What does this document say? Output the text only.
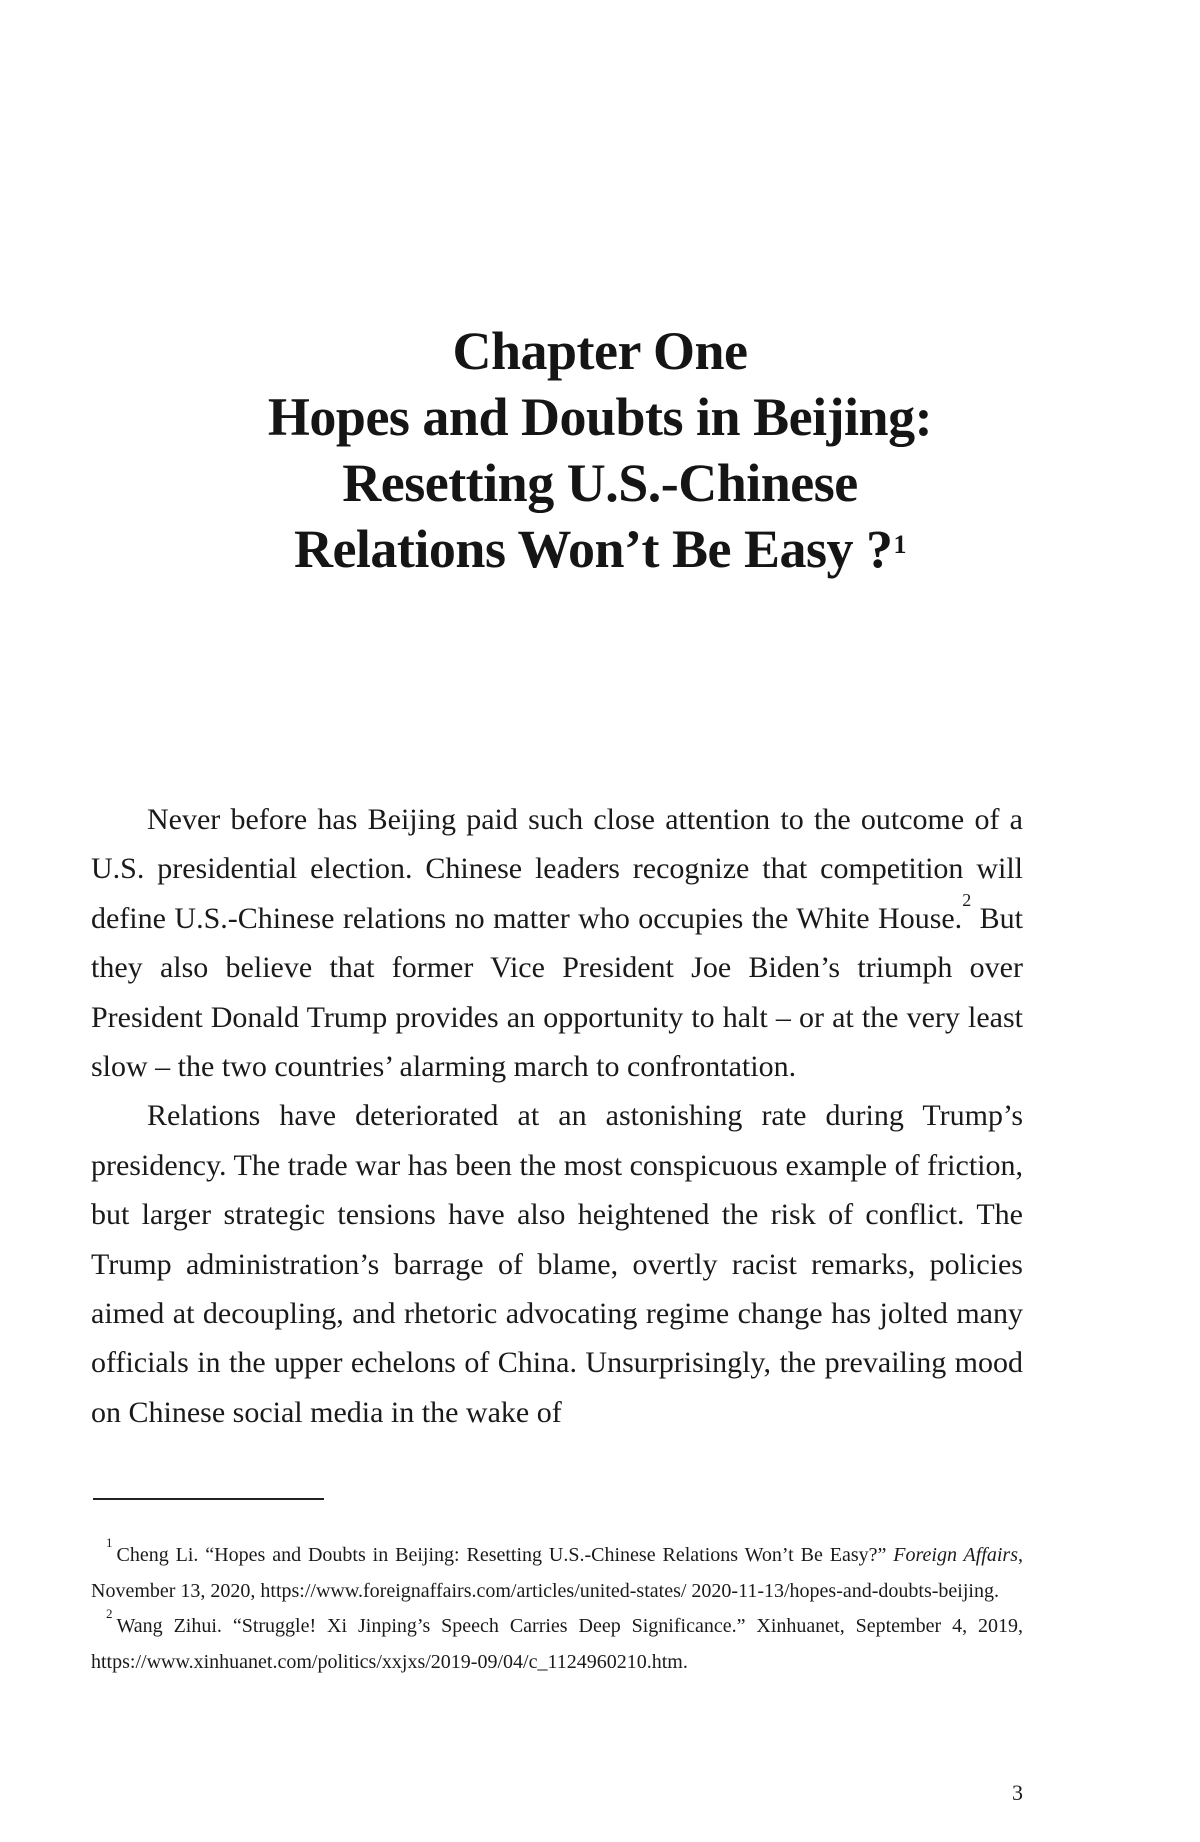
Chapter One
Hopes and Doubts in Beijing:
Resetting U.S.-Chinese
Relations Won’t Be Easy ?$^1$

Never before has Beijing paid such close attention to the outcome of a U.S. presidential election. Chinese leaders recognize that competition will define U.S.-Chinese relations no matter who occupies the White House.$^2$ But they also believe that former Vice President Joe Biden’s triumph over President Donald Trump provides an opportunity to halt – or at the very least slow – the two countries’ alarming march to confrontation.

Relations have deteriorated at an astonishing rate during Trump’s presidency. The trade war has been the most conspicuous example of friction, but larger strategic tensions have also heightened the risk of conflict. The Trump administration’s barrage of blame, overtly racist remarks, policies aimed at decoupling, and rhetoric advocating regime change has jolted many officials in the upper echelons of China. Unsurprisingly, the prevailing mood on Chinese social media in the wake of

$^1$Cheng Li. “Hopes and Doubts in Beijing: Resetting U.S.-Chinese Relations Won’t Be Easy?” Foreign Affairs, November 13, 2020, https://www.foreignaffairs.com/articles/united-states/ 2020-11-13/hopes-and-doubts-beijing.

$^2$Wang Zihui. “Struggle! Xi Jinping’s Speech Carries Deep Significance.” Xinhuanet, September 4, 2019, https://www.xinhuanet.com/politics/xxjxs/2019-09/04/c_1124960210.htm.

3
